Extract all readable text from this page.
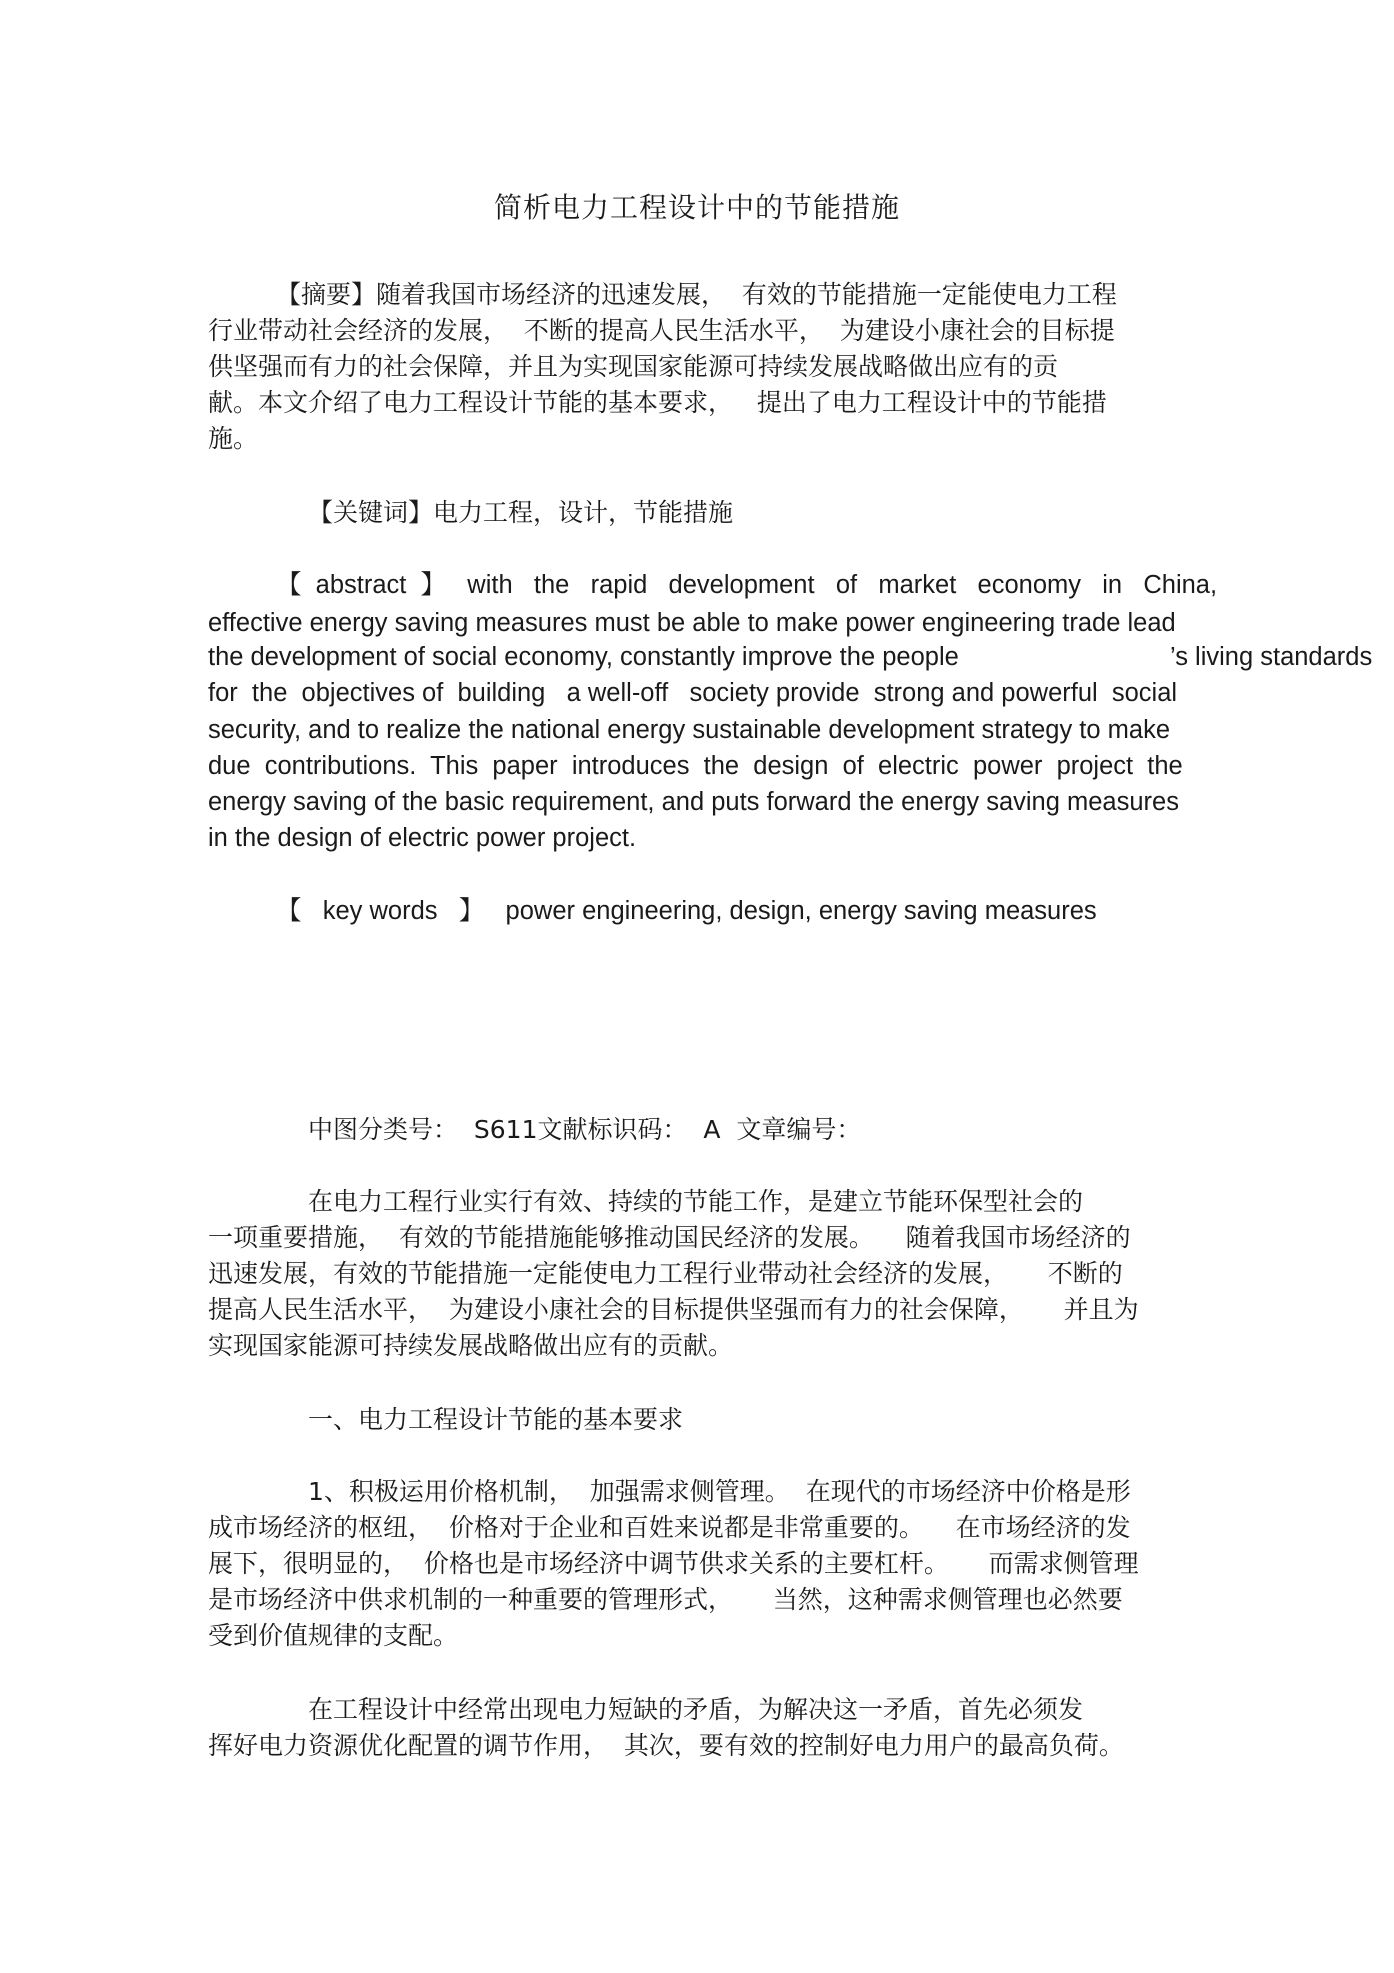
简析电力工程设计中的节能措施
【摘要】随着我国市场经济的迅速发展，  有效的节能措施一定能使电力工程
行业带动社会经济的发展，  不断的提高人民生活水平，  为建设小康社会的目标提
供坚强而有力的社会保障，并且为实现国家能源可持续发展战略做出应有的贡
献。本文介绍了电力工程设计节能的基本要求，   提出了电力工程设计中的节能措
施。
【关键词】电力工程，设计，节能措施
【  abstract  】   with   the   rapid   development   of   market   economy   in   China,
effective energy saving measures must be able to make power engineering trade lead
the development of social economy, constantly improve the people	’s living standards
for  the  objectives of  building   a well-off   society provide  strong and powerful  social
security, and to realize the national energy sustainable development strategy to make
due  contributions.  This  paper  introduces  the  design  of  electric  power  project  the
energy saving of the basic requirement, and puts forward the energy saving measures
in the design of electric power project.
【   key words   】   power engineering, design, energy saving measures
中图分类号：  S611文献标识码：  A  文章编号：
在电力工程行业实行有效、持续的节能工作，是建立节能环保型社会的
一项重要措施，  有效的节能措施能够推动国民经济的发展。    随着我国市场经济的
迅速发展，有效的节能措施一定能使电力工程行业带动社会经济的发展，     不断的
提高人民生活水平，  为建设小康社会的目标提供坚强而有力的社会保障，     并且为
实现国家能源可持续发展战略做出应有的贡献。
一、电力工程设计节能的基本要求
1、积极运用价格机制，  加强需求侧管理。  在现代的市场经济中价格是形
成市场经济的枢纽，  价格对于企业和百姓来说都是非常重要的。    在市场经济的发
展下，很明显的，  价格也是市场经济中调节供求关系的主要杠杆。     而需求侧管理
是市场经济中供求机制的一种重要的管理形式，     当然，这种需求侧管理也必然要
受到价值规律的支配。
在工程设计中经常出现电力短缺的矛盾，为解决这一矛盾，首先必须发
挥好电力资源优化配置的调节作用，  其次，要有效的控制好电力用户的最高负荷。
